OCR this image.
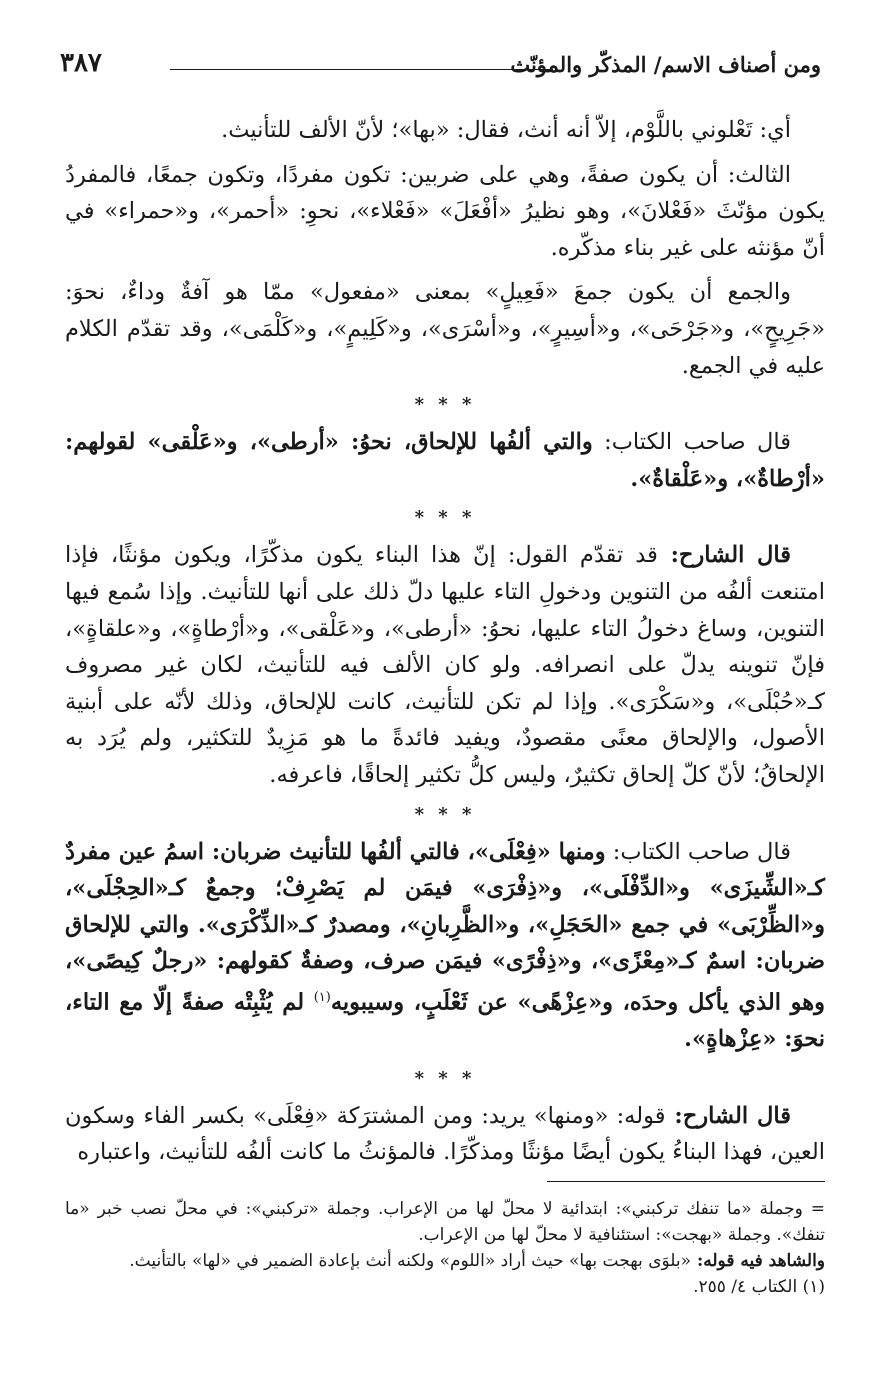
ومن أصناف الاسم/ المذكّر والمؤنّث
٣٨٧

أي: تَعْلوني باللَّوْم، إلاّ أنه أنث، فقال: «بها»؛ لأنّ الألف للتأنيث.

الثالث: أن يكون صفةً، وهي على ضربين: تكون مفردًا، وتكون جمعًا، فالمفردُ يكون مؤنّثَ «فَعْلانَ»، وهو نظيرُ «أفْعَلَ» «فَعْلاء»، نحوِ: «أحمر»، و«حمراء» في أنّ مؤنثه على غير بناء مذكّره.

والجمع أن يكون جمعَ «فَعِيلٍ» بمعنى «مفعول» ممّا هو آفةٌ وداءٌ، نحوَ: «جَرِيحٍ»، و«جَرْحَى»، و«أسِيرٍ»، و«أسْرَى»، و«كَلِيمٍ»، و«كَلْمَى»، وقد تقدّم الكلام عليه في الجمع.

* * *

قال صاحب الكتاب: والتي ألفُها للإلحاق، نحوُ: «أرطى»، و«عَلْقى» لقولهم: «أرْطاةٌ»، و«عَلْقاةٌ».

* * *

قال الشارح: قد تقدّم القول: إنّ هذا البناء يكون مذكّرًا، ويكون مؤنثًا، فإذا امتنعت ألفُه من التنوين ودخولِ التاء عليها دلّ ذلك على أنها للتأنيث. وإذا سُمع فيها التنوين، وساغ دخولُ التاء عليها، نحوُ: «أرطى»، و«عَلْقى»، و«أرْطاةٍ»، و«علقاةٍ»، فإنّ تنوينه يدلّ على انصرافه. ولو كان الألف فيه للتأنيث، لكان غير مصروف كـ«حُبْلَى»، و«سَكْرَى». وإذا لم تكن للتأنيث، كانت للإلحاق، وذلك لأنّه على أبنية الأصول، والإلحاق معنًى مقصودٌ، ويفيد فائدةً ما هو مَزِيدٌ للتكثير، ولم يُرَد به الإلحاقُ؛ لأنّ كلّ إلحاق تكثيرٌ، وليس كلُّ تكثير إلحاقًا، فاعرفه.

* * *

قال صاحب الكتاب: ومنها «فِعْلَى»، فالتي ألفُها للتأنيث ضربان: اسمُ عين مفردٌ كـ«الشِّيزَى» و«الدِّفْلَى»، و«ذِفْرَى» فيمَن لم يَصْرِفْ؛ وجمعٌ كـ«الحِجْلَى»، و«الظِّرْبَى» في جمع «الحَجَلِ»، و«الظَّرِبانِ»، ومصدرٌ كـ«الذِّكْرَى». والتي للإلحاق ضربان: اسمٌ كـ«مِعْزًى»، و«ذِفْرًى» فيمَن صرف، وصفةٌ كقولهم: «رجلٌ كِيصًى»، وهو الذي يأكل وحدَه، و«عِزْهًى» عن ثَعْلَبٍ، وسيبويه$^{(١)}$ لم يُثْبِتْه صفةً إلّا مع التاء، نحوَ: «عِزْهاةٍ».

* * *

قال الشارح: قوله: «ومنها» يريد: ومن المشترَكة «فِعْلَى» بكسر الفاء وسكون العين، فهذا البناءُ يكون أيضًا مؤنثًا ومذكّرًا. فالمؤنثُ ما كانت ألفُه للتأنيث، واعتباره

= وجملة «ما تنفك تركبني»: ابتدائية لا محلّ لها من الإعراب. وجملة «تركبني»: في محلّ نصب خبر «ما تنفك». وجملة «بهجت»: استئنافية لا محلّ لها من الإعراب.

والشاهد فيه قوله: «بلوَى بهجت بها» حيث أراد «اللوم» ولكنه أنث بإعادة الضمير في «لها» بالتأنيث.

(١) الكتاب ٤/ ٢٥٥.
